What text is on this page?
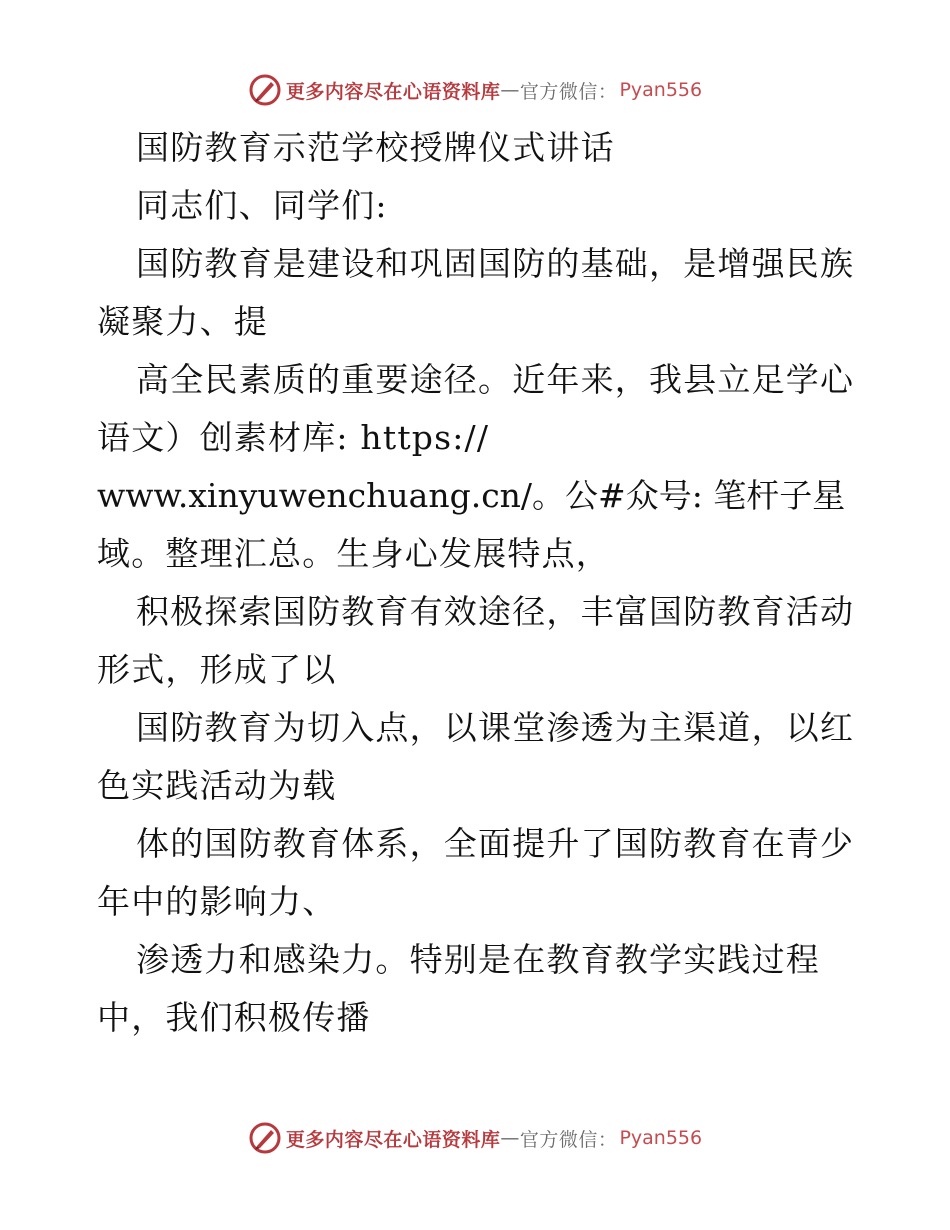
更多内容尽在心语资料库 — 官方微信： Pyan556
国防教育示范学校授牌仪式讲话
同志们、同学们:
国防教育是建设和巩固国防的基础，是增强民族
凝聚力、提
高全民素质的重要途径。近年来，我县立足学心
语文）创素材库: https://
www.xinyuwenchuang.cn/。公#众号: 笔杆子星
域。整理汇总。生身心发展特点，
积极探索国防教育有效途径，丰富国防教育活动
形式，形成了以
国防教育为切入点，以课堂渗透为主渠道，以红
色实践活动为载
体的国防教育体系，全面提升了国防教育在青少
年中的影响力、
渗透力和感染力。特别是在教育教学实践过程
中，我们积极传播
更多内容尽在心语资料库 — 官方微信： Pyan556
